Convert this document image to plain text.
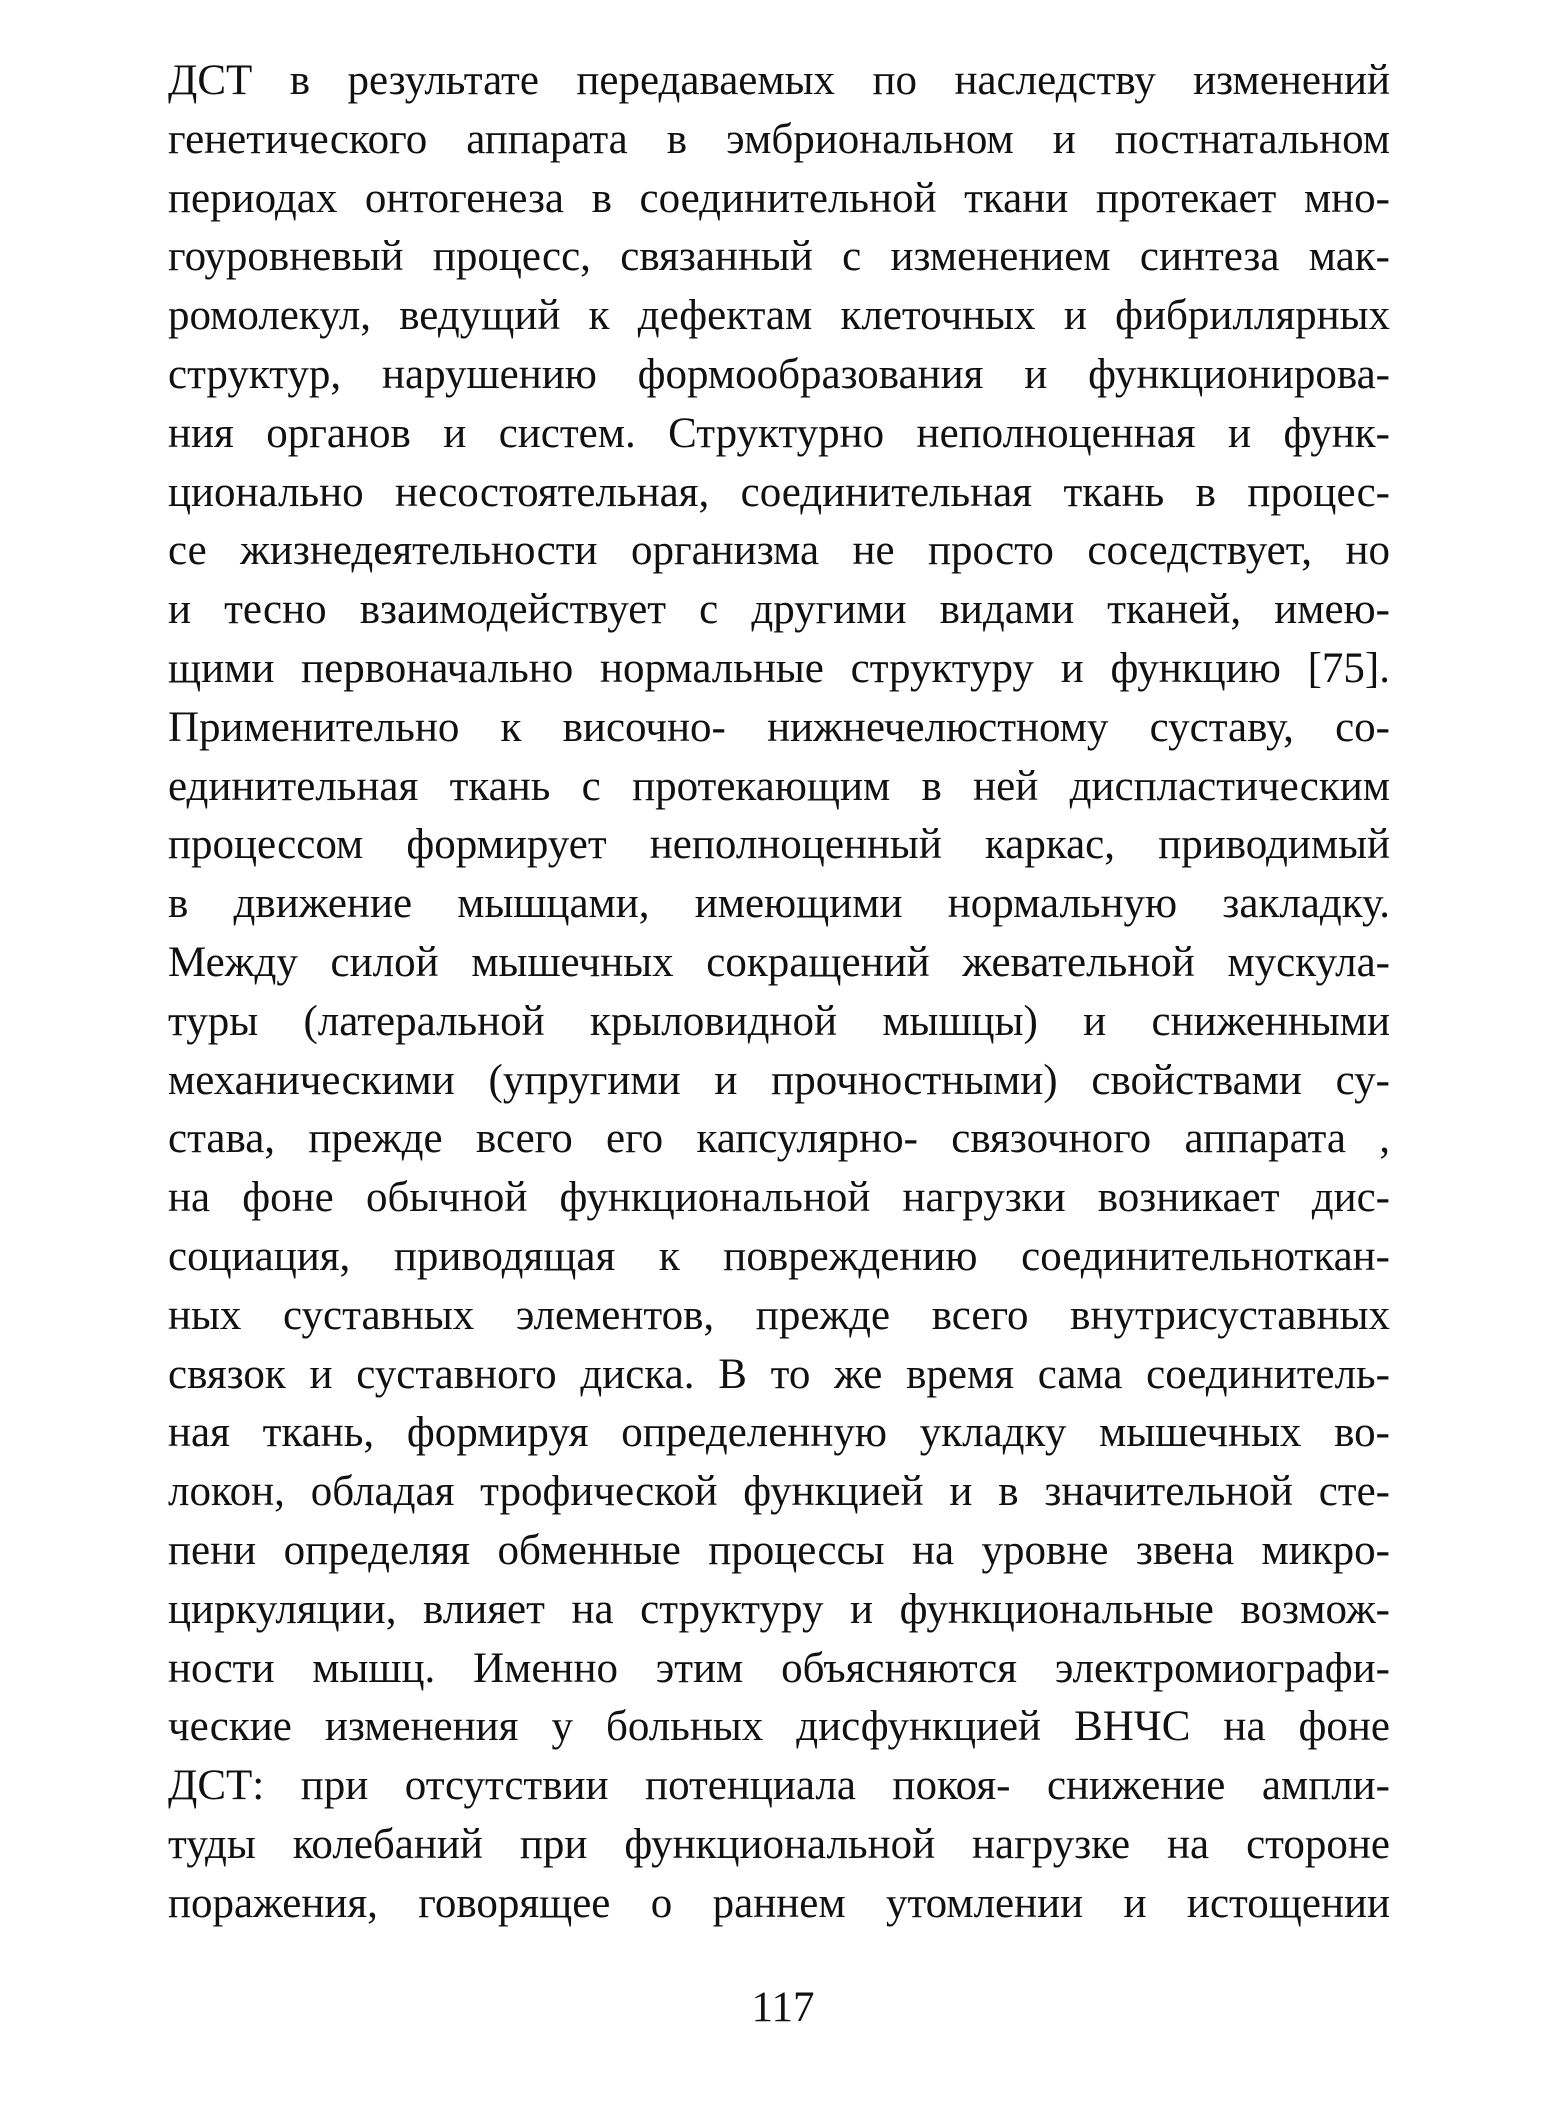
ДСТ в результате передаваемых по наследству изменений
генетического аппарата в эмбриональном и постнатальном
периодах онтогенеза в соединительной ткани протекает мно-
гоуровневый процесс, связанный с изменением синтеза мак-
ромолекул, ведущий к дефектам клеточных и фибриллярных
структур, нарушению формообразования и функционирова-
ния органов и систем. Структурно неполноценная и функ-
ционально несостоятельная, соединительная ткань в процес-
се жизнедеятельности организма не просто соседствует, но
и тесно взаимодействует с другими видами тканей, имею-
щими первоначально нормальные структуру и функцию [75].
Применительно к височно- нижнечелюстному суставу, со-
единительная ткань с протекающим в ней диспластическим
процессом формирует неполноценный каркас, приводимый
в движение мышцами, имеющими нормальную закладку.
Между силой мышечных сокращений жевательной мускула-
туры (латеральной крыловидной мышцы) и сниженными
механическими (упругими и прочностными) свойствами су-
става, прежде всего его капсулярно- связочного аппарата ,
на фоне обычной функциональной нагрузки возникает дис-
социация, приводящая к повреждению соединительноткан-
ных суставных элементов, прежде всего внутрисуставных
связок и суставного диска. В то же время сама соединитель-
ная ткань, формируя определенную укладку мышечных во-
локон, обладая трофической функцией и в значительной сте-
пени определяя обменные процессы на уровне звена микро-
циркуляции, влияет на структуру и функциональные возмож-
ности мышц. Именно этим объясняются электромиографи-
ческие изменения у больных дисфункцией ВНЧС на фоне
ДСТ: при отсутствии потенциала покоя- снижение ампли-
туды колебаний при функциональной нагрузке на стороне
поражения, говорящее о раннем утомлении и истощении
117
